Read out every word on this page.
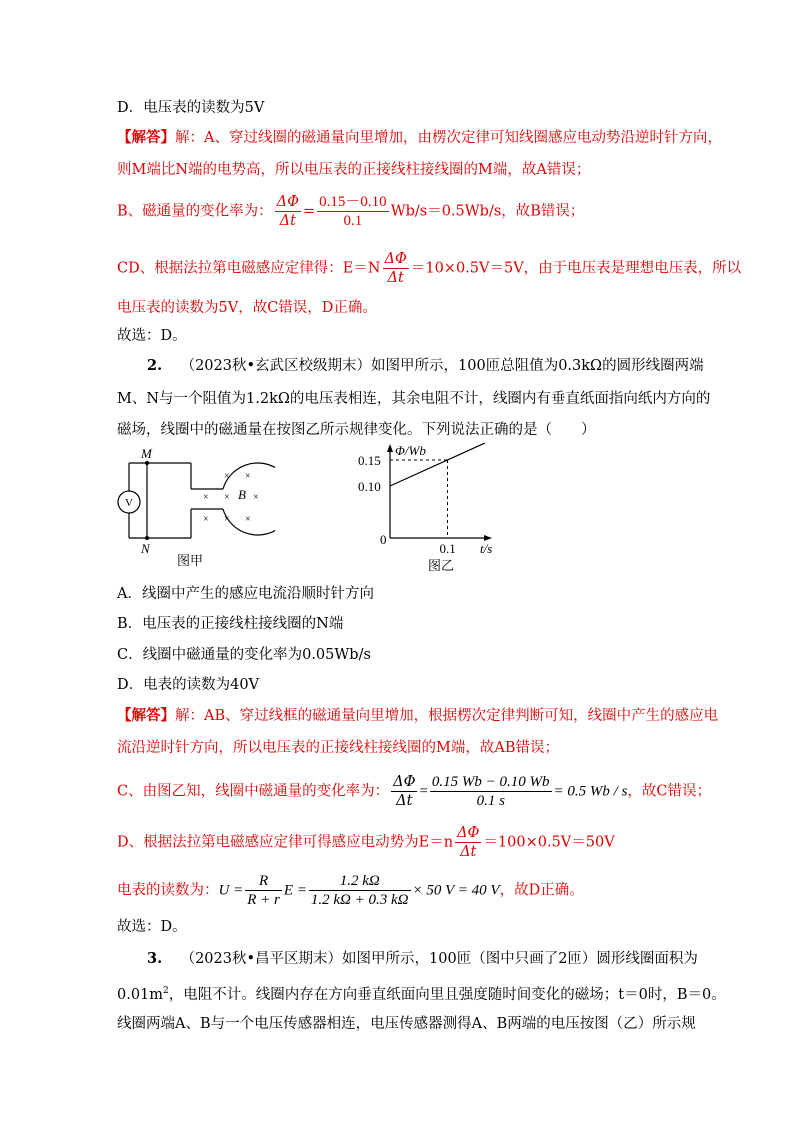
D．电压表的读数为5V
【解答】解：A、穿过线圈的磁通量向里增加，由楞次定律可知线圈感应电动势沿逆时针方向，
则M端比N端的电势高，所以电压表的正接线柱接线圈的M端，故A错误；
B、磁通量的变化率为： $\frac{\Delta\Phi}{\Delta t} = \frac{0.15-0.10}{0.1} Wb/s=0.5Wb/s$，故B错误；
CD、根据法拉第电磁感应定律得：$E=N \frac{\Delta\Phi}{\Delta t} =10\times 0.5V=5V$，由于电压表是理想电压表，所以
电压表的读数为5V，故C错误，D正确。
故选：D。
2. （2023秋•玄武区校级期末）如图甲所示，100匝总阻值为0.3kΩ的圆形线圈两端
M、N与一个阻值为1.2kΩ的电压表相连，其余电阻不计，线圈内有垂直纸面指向纸内方向的
磁场，线圈中的磁通量在按图乙所示规律变化。下列说法正确的是（　　）
M
N
V
B
× ×
× × ×
× × ×
图甲
Φ/Wb
t/s
0
0.15
0.10
0.1
图乙
A．线圈中产生的感应电流沿顺时针方向
B．电压表的正接线柱接线圈的N端
C．线圈中磁通量的变化率为0.05Wb/s
D．电表的读数为40V
【解答】解：AB、穿过线框的磁通量向里增加，根据楞次定律判断可知，线圈中产生的感应电
流沿逆时针方向，所以电压表的正接线柱接线圈的M端，故AB错误；
C、由图乙知，线圈中磁通量的变化率为： $\frac{\Delta\Phi}{\Delta t} = \frac{0.15 Wb - 0.10 Wb}{0.1 s} = 0.5$ Wb / s，故C错误；
D、根据法拉第电磁感应定律可得感应电动势为$E=n \frac{\Delta\Phi}{\Delta t} =100\times 0.5V=50V$
电表的读数为：$U = \frac{R}{R + r}$ $E = \frac{1.2 k\Omega}{1.2 k\Omega + 0.3 k\Omega} \times 50$ V = 40 V，故D正确。
故选：D。
3. （2023秋•昌平区期末）如图甲所示，100匝（图中只画了2匝）圆形线圈面积为
$0.01m^2$，电阻不计。线圈内存在方向垂直纸面向里且强度随时间变化的磁场；t＝0时，B＝0。
线圈两端A、B与一个电压传感器相连，电压传感器测得A、B两端的电压按图（乙）所示规
